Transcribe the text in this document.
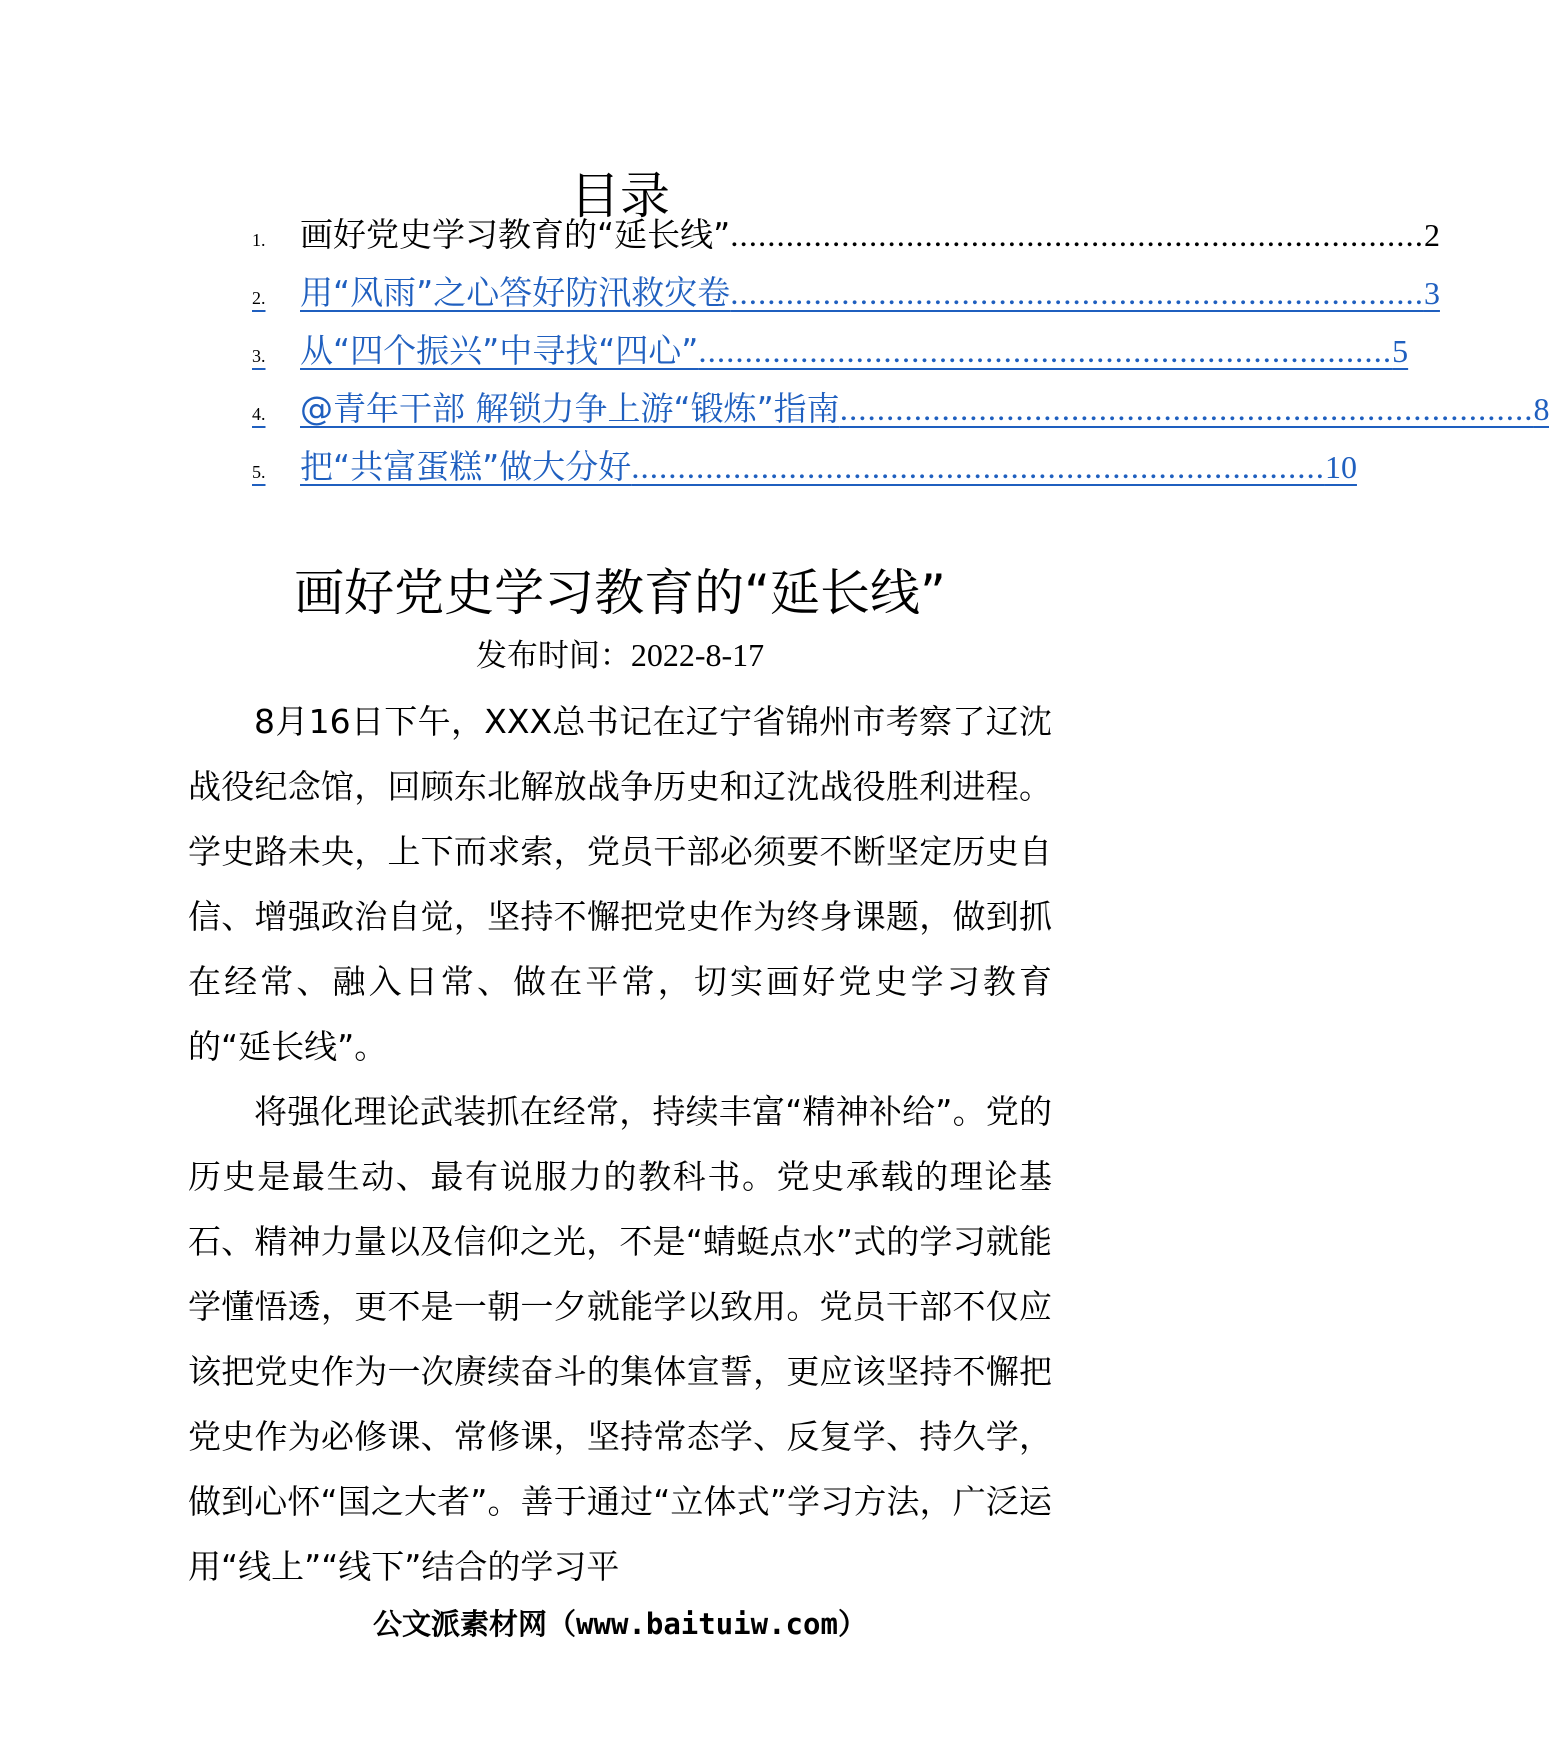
目录
1.	画好党史学习教育的“延长线” ........................................................................... 2
2.	用“风雨”之心答好防汛救灾卷 ........................................................................... 3
3.	从“四个振兴”中寻找“四心” ........................................................................... 5
4.	@青年干部 解锁力争上游“锻炼”指南 ........................................................................... 8
5.	把“共富蛋糕”做大分好 ........................................................................... 10
画好党史学习教育的“延长线”
发布时间：2022-8-17

8月16日下午，XXX总书记在辽宁省锦州市考察了辽沈战役纪念馆，回顾东北解放战争历史和辽沈战役胜利进程。学史路未央，上下而求索，党员干部必须要不断坚定历史自信、增强政治自觉，坚持不懈把党史作为终身课题，做到抓在经常、融入日常、做在平常，切实画好党史学习教育的“延长线”。

将强化理论武装抓在经常，持续丰富“精神补给”。党的历史是最生动、最有说服力的教科书。党史承载的理论基石、精神力量以及信仰之光，不是“蜻蜓点水”式的学习就能学懂悟透，更不是一朝一夕就能学以致用。党员干部不仅应该把党史作为一次赓续奋斗的集体宣誓，更应该坚持不懈把党史作为必修课、常修课，坚持常态学、反复学、持久学，做到心怀“国之大者”。善于通过“立体式”学习方法，广泛运用“线上”“线下”结合的学习平

公文派素材网（www.baituiw.com）
